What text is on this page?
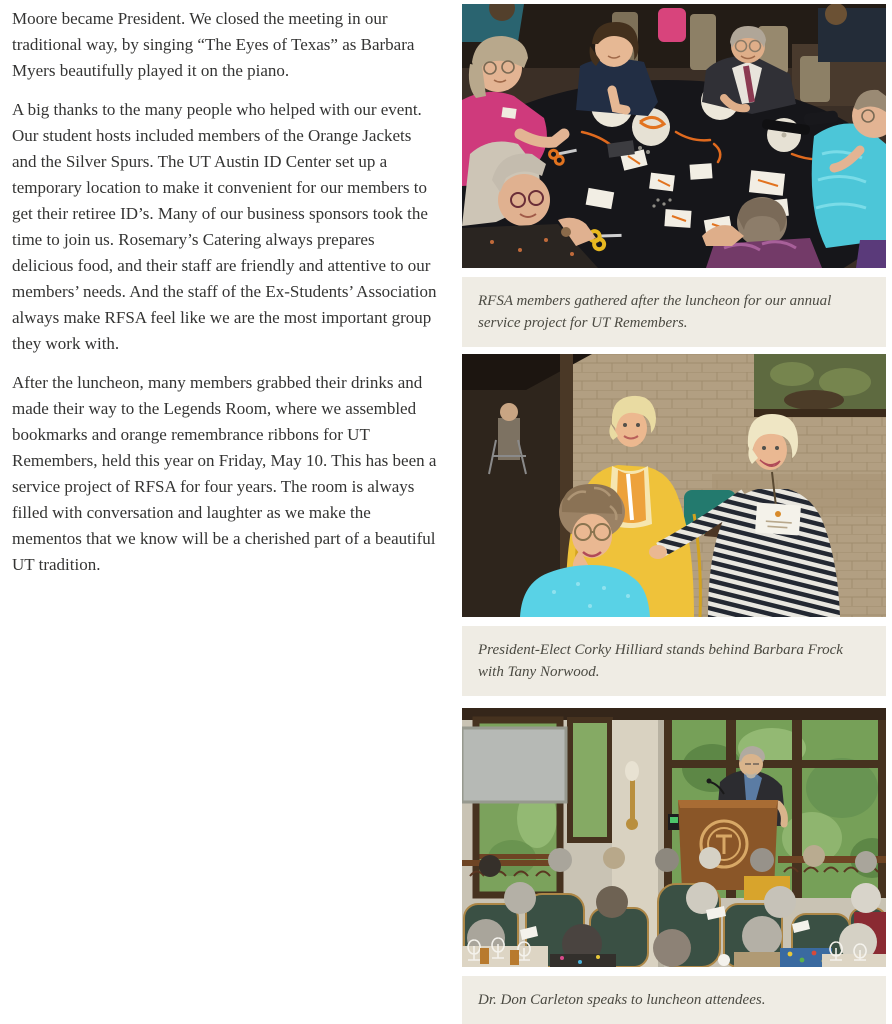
Moore became President. We closed the meeting in our traditional way, by singing “The Eyes of Texas” as Barbara Myers beautifully played it on the piano.

A big thanks to the many people who helped with our event. Our student hosts included members of the Orange Jackets and the Silver Spurs. The UT Austin ID Center set up a temporary location to make it convenient for our members to get their retiree ID’s. Many of our business sponsors took the time to join us. Rosemary’s Catering always prepares delicious food, and their staff are friendly and attentive to our members’ needs. And the staff of the Ex-Students’ Association always make RFSA feel like we are the most important group they work with.

After the luncheon, many members grabbed their drinks and made their way to the Legends Room, where we assembled bookmarks and orange remembrance ribbons for UT Remembers, held this year on Friday, May 10. This has been a service project of RFSA for four years. The room is always filled with conversation and laughter as we make the mementos that we know will be a cherished part of a beautiful UT tradition.

RFSA members gathered after the luncheon for our annual service project for UT Remembers.
President-Elect Corky Hilliard stands behind Barbara Frock with Tany Norwood.
Dr. Don Carleton speaks to luncheon attendees.
